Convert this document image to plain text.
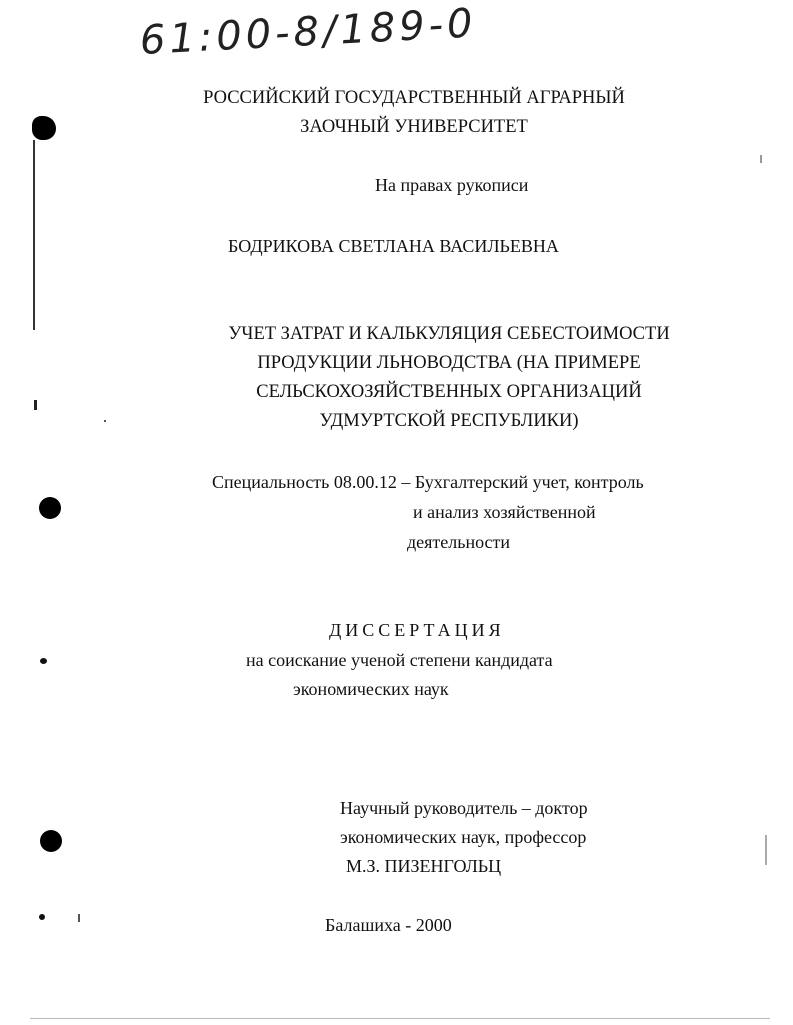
61:00-8/189-0
РОССИЙСКИЙ ГОСУДАРСТВЕННЫЙ АГРАРНЫЙ
ЗАОЧНЫЙ УНИВЕРСИТЕТ
На правах рукописи
БОДРИКОВА СВЕТЛАНА ВАСИЛЬЕВНА
УЧЕТ ЗАТРАТ И КАЛЬКУЛЯЦИЯ СЕБЕСТОИМОСТИ
ПРОДУКЦИИ ЛЬНОВОДСТВА (НА ПРИМЕРЕ
СЕЛЬСКОХОЗЯЙСТВЕННЫХ ОРГАНИЗАЦИЙ
УДМУРТСКОЙ РЕСПУБЛИКИ)
Специальность 08.00.12 – Бухгалтерский учет, контроль
и анализ хозяйственной
деятельности
ДИССЕРТАЦИЯ
на соискание ученой степени кандидата
экономических наук
Научный руководитель – доктор
экономических наук, профессор
М.З. ПИЗЕНГОЛЬЦ
Балашиха - 2000
